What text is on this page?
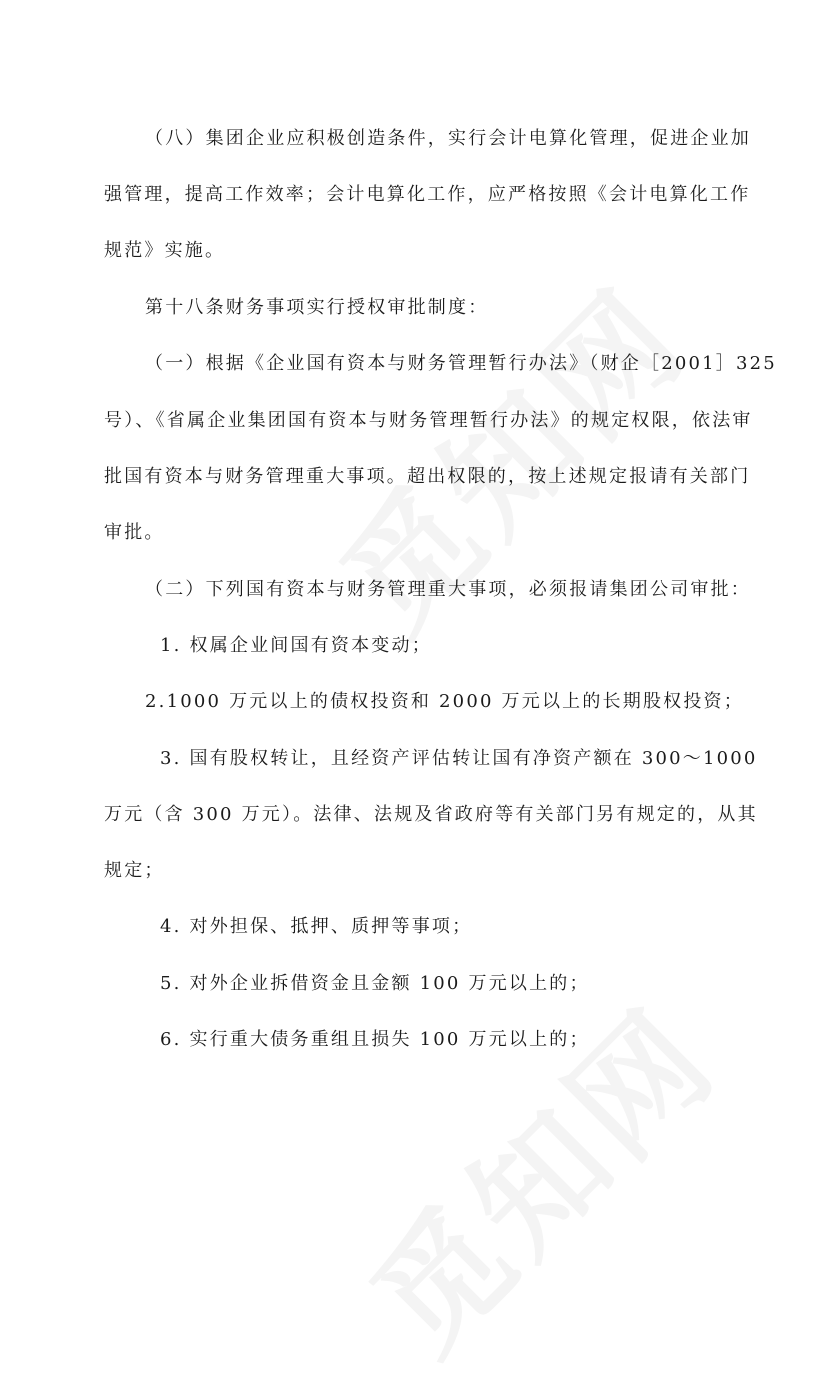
（八）集团企业应积极创造条件，实行会计电算化管理，促进企业加
强管理，提高工作效率；会计电算化工作，应严格按照《会计电算化工作
规范》实施。
第十八条财务事项实行授权审批制度：
（一）根据《企业国有资本与财务管理暂行办法》（财企［2001］325
号）、《省属企业集团国有资本与财务管理暂行办法》的规定权限，依法审
批国有资本与财务管理重大事项。超出权限的，按上述规定报请有关部门
审批。
（二）下列国有资本与财务管理重大事项，必须报请集团公司审批：
1. 权属企业间国有资本变动；
2.1000 万元以上的债权投资和 2000 万元以上的长期股权投资；
3. 国有股权转让，且经资产评估转让国有净资产额在 300～1000
万元（含 300 万元）。法律、法规及省政府等有关部门另有规定的，从其
规定；
4. 对外担保、抵押、质押等事项；
5. 对外企业拆借资金且金额 100 万元以上的；
6. 实行重大债务重组且损失 100 万元以上的；
